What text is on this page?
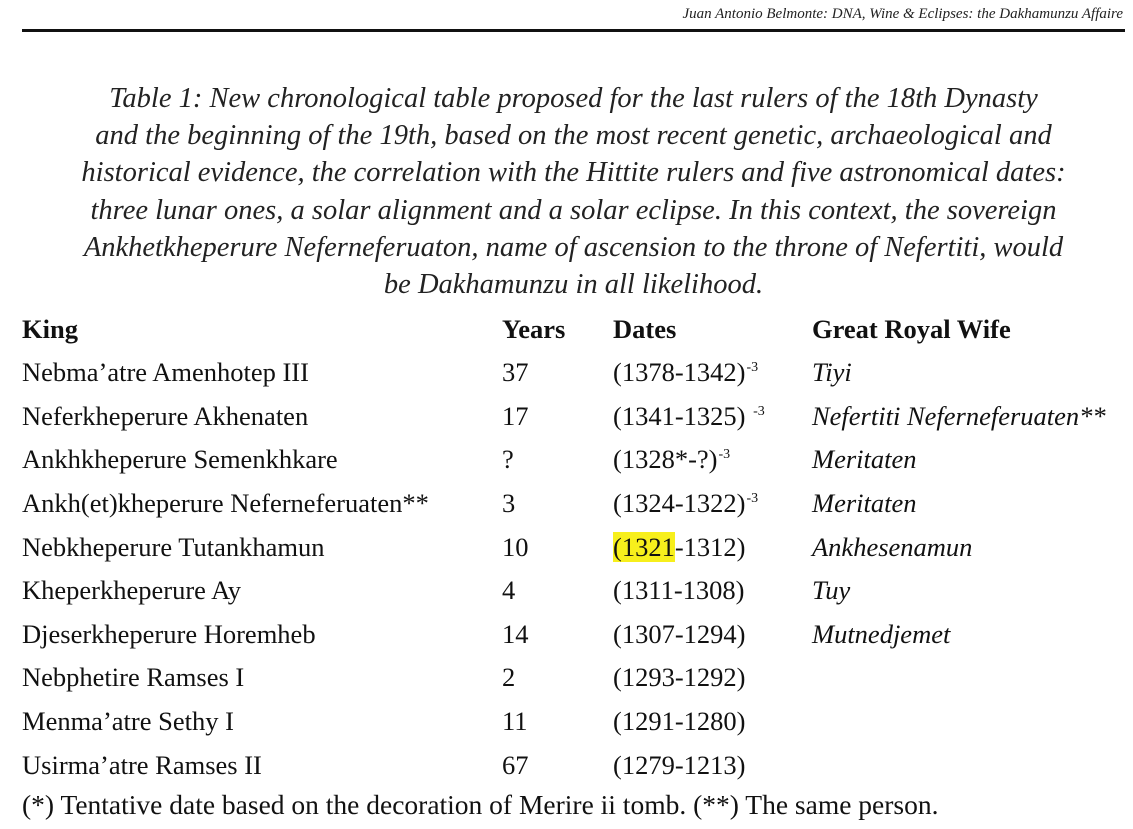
Juan Antonio Belmonte: DNA, Wine & Eclipses: the Dakhamunzu Affaire
Table 1: New chronological table proposed for the last rulers of the 18th Dynasty
and the beginning of the 19th, based on the most recent genetic, archaeological and
historical evidence, the correlation with the Hittite rulers and five astronomical dates:
three lunar ones, a solar alignment and a solar eclipse. In this context, the sovereign
Ankhetkheperure Neferneferuaton, name of ascension to the throne of Nefertiti, would
be Dakhamunzu in all likelihood.
King	Years	Dates	Great Royal Wife
Nebma’atre Amenhotep III	37	(1378-1342)$^{-3}$	Tiyi
Neferkheperure Akhenaten	17	(1341-1325) $^{-3}$	Nefertiti Neferneferuaten**
Ankhkheperure Semenkhkare	?	(1328*-?)$^{-3}$	Meritaten
Ankh(et)kheperure Neferneferuaten**	3	(1324-1322)$^{-3}$	Meritaten
Nebkheperure Tutankhamun	10	(1321-1312)	Ankhesenamun
Kheperkheperure Ay	4	(1311-1308)	Tuy
Djeserkheperure Horemheb	14	(1307-1294)	Mutnedjemet
Nebphetire Ramses I	2	(1293-1292)	
Menma’atre Sethy I	11	(1291-1280)	
Usirma’atre Ramses II	67	(1279-1213)	
(*) Tentative date based on the decoration of Merire ii tomb. (**) The same person.
